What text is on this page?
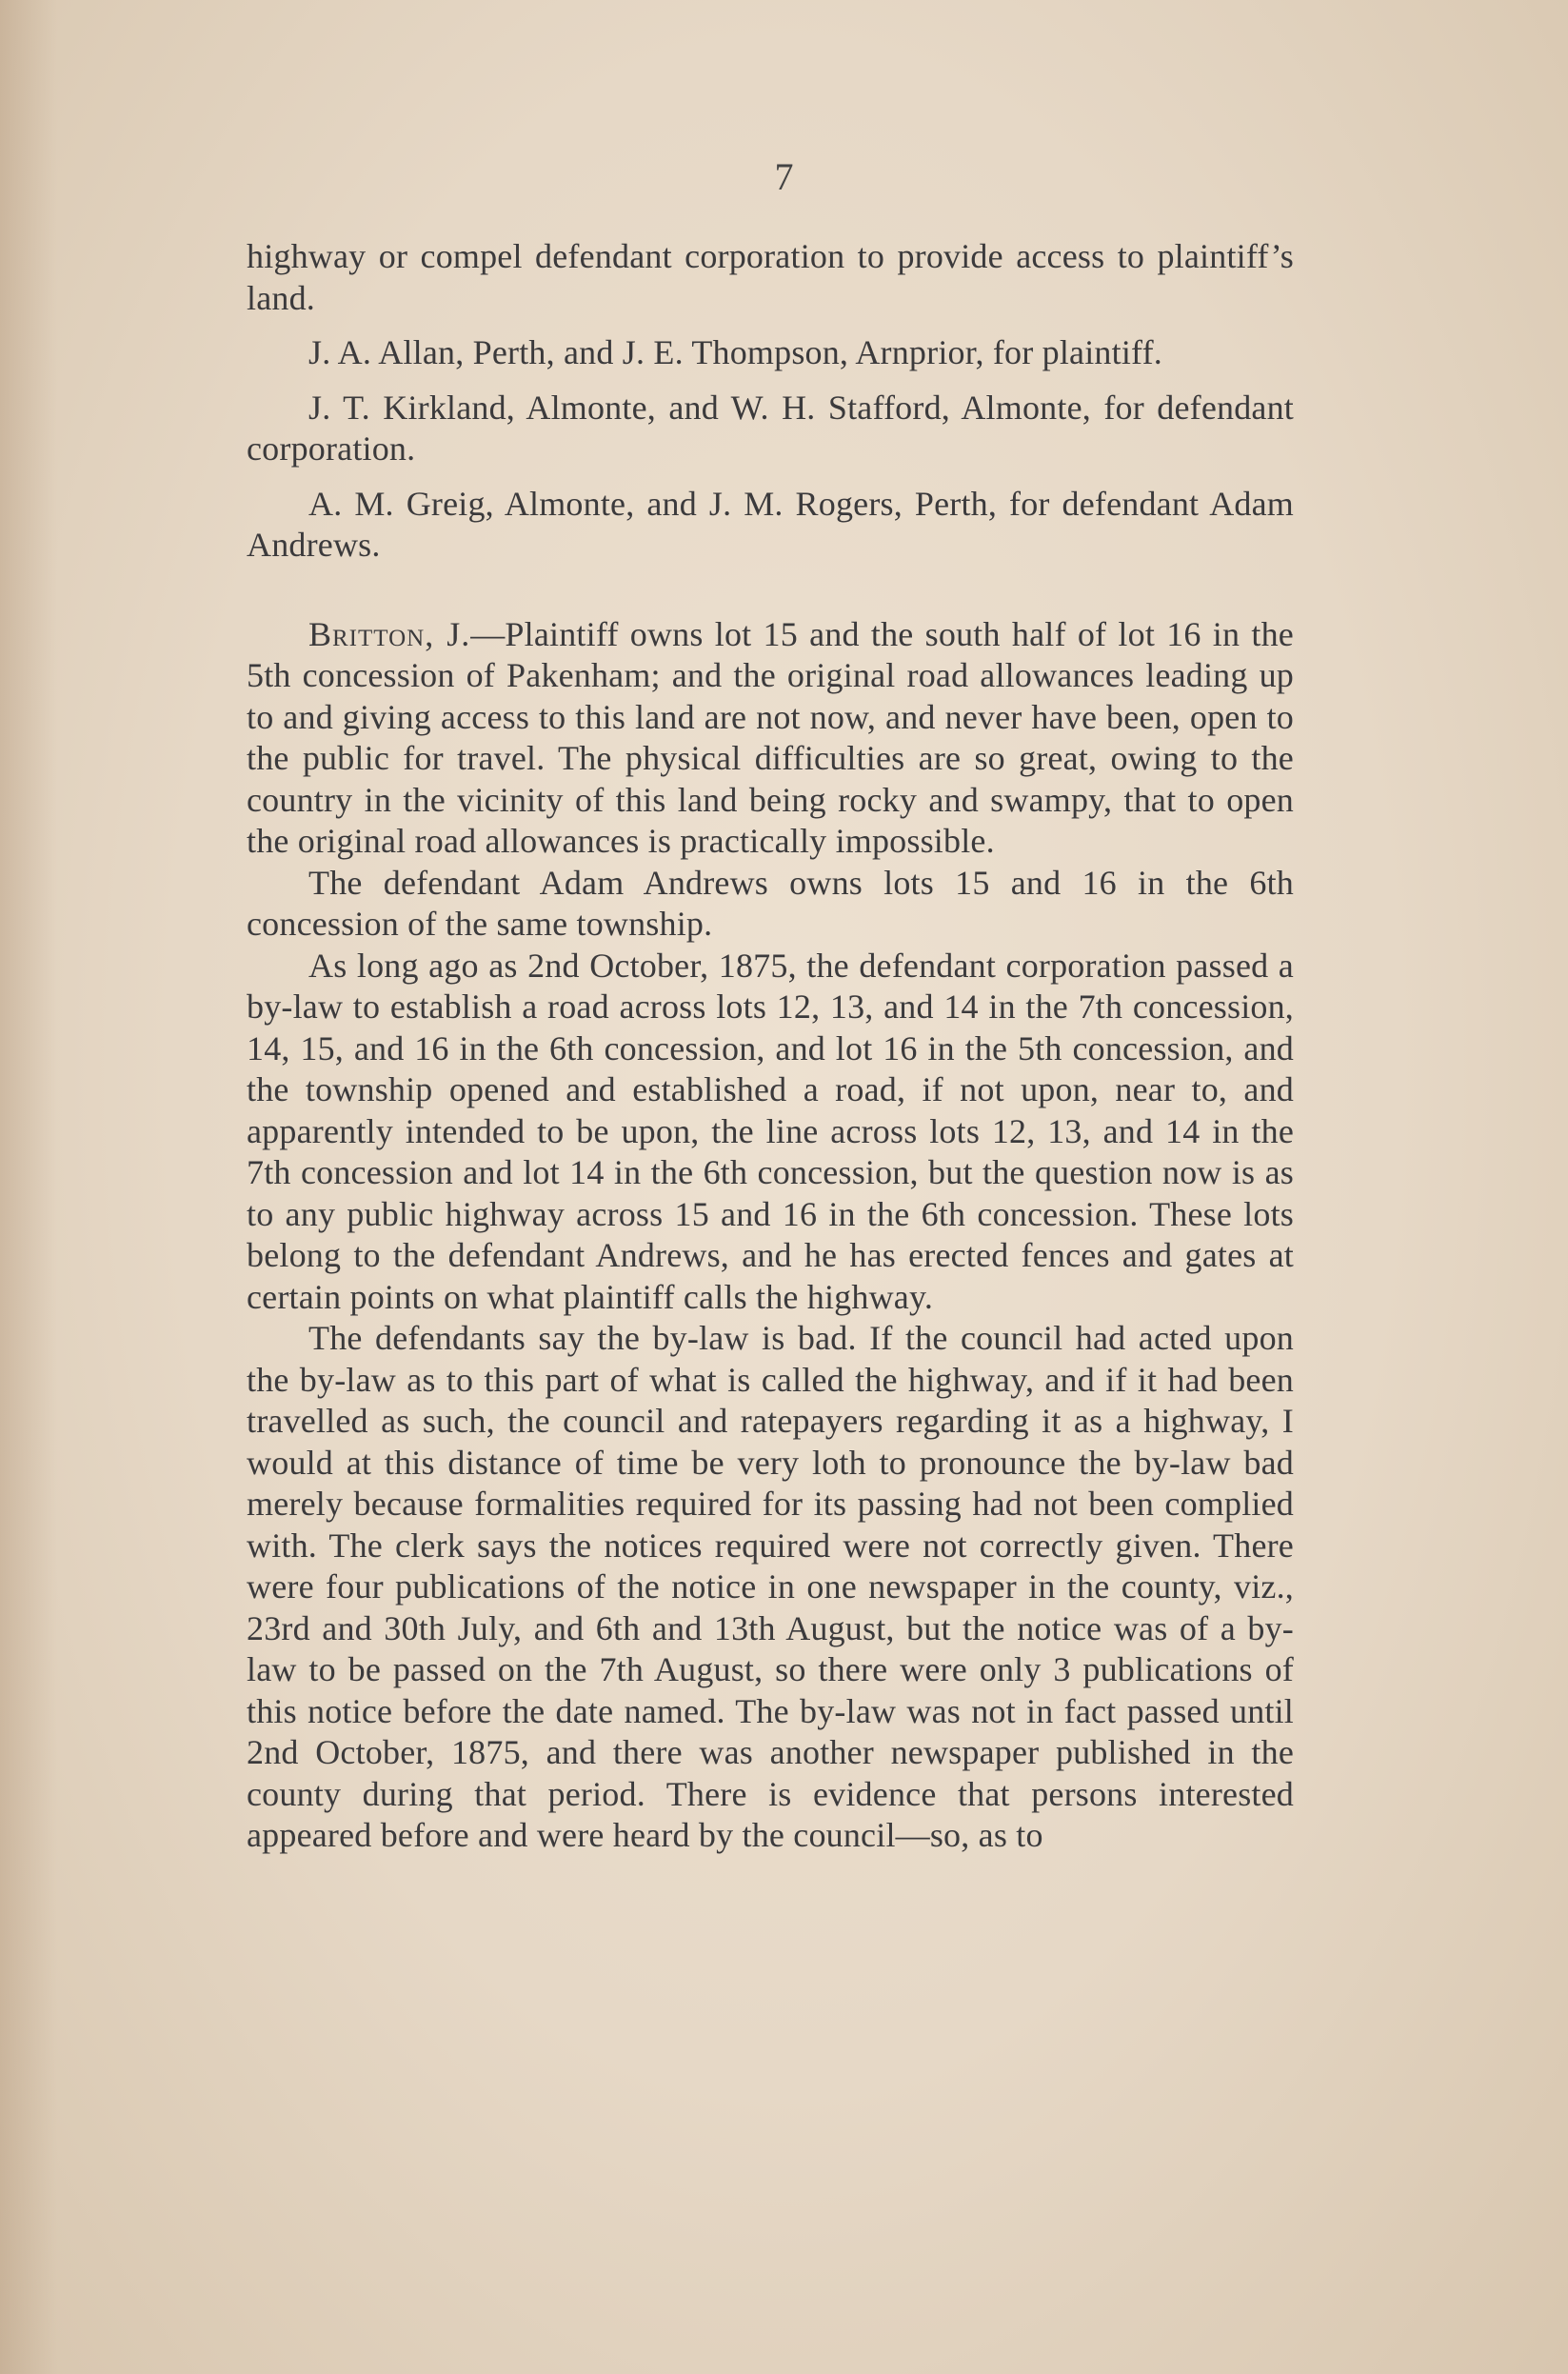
7

highway or compel defendant corporation to provide access to plaintiff’s land.

J. A. Allan, Perth, and J. E. Thompson, Arnprior, for plaintiff.

J. T. Kirkland, Almonte, and W. H. Stafford, Almonte, for defendant corporation.

A. M. Greig, Almonte, and J. M. Rogers, Perth, for defendant Adam Andrews.

Britton, J.—Plaintiff owns lot 15 and the south half of lot 16 in the 5th concession of Pakenham; and the original road allowances leading up to and giving access to this land are not now, and never have been, open to the public for travel. The physical difficulties are so great, owing to the country in the vicinity of this land being rocky and swampy, that to open the original road allowances is practically impossible.

The defendant Adam Andrews owns lots 15 and 16 in the 6th concession of the same township.

As long ago as 2nd October, 1875, the defendant corporation passed a by-law to establish a road across lots 12, 13, and 14 in the 7th concession, 14, 15, and 16 in the 6th concession, and lot 16 in the 5th concession, and the township opened and established a road, if not upon, near to, and apparently intended to be upon, the line across lots 12, 13, and 14 in the 7th concession and lot 14 in the 6th concession, but the question now is as to any public highway across 15 and 16 in the 6th concession. These lots belong to the defendant Andrews, and he has erected fences and gates at certain points on what plaintiff calls the highway.

The defendants say the by-law is bad. If the council had acted upon the by-law as to this part of what is called the highway, and if it had been travelled as such, the council and ratepayers regarding it as a highway, I would at this distance of time be very loth to pronounce the by-law bad merely because formalities required for its passing had not been complied with. The clerk says the notices required were not correctly given. There were four publications of the notice in one newspaper in the county, viz., 23rd and 30th July, and 6th and 13th August, but the notice was of a by-law to be passed on the 7th August, so there were only 3 publications of this notice before the date named. The by-law was not in fact passed until 2nd October, 1875, and there was another newspaper published in the county during that period. There is evidence that persons interested appeared before and were heard by the council—so, as to
